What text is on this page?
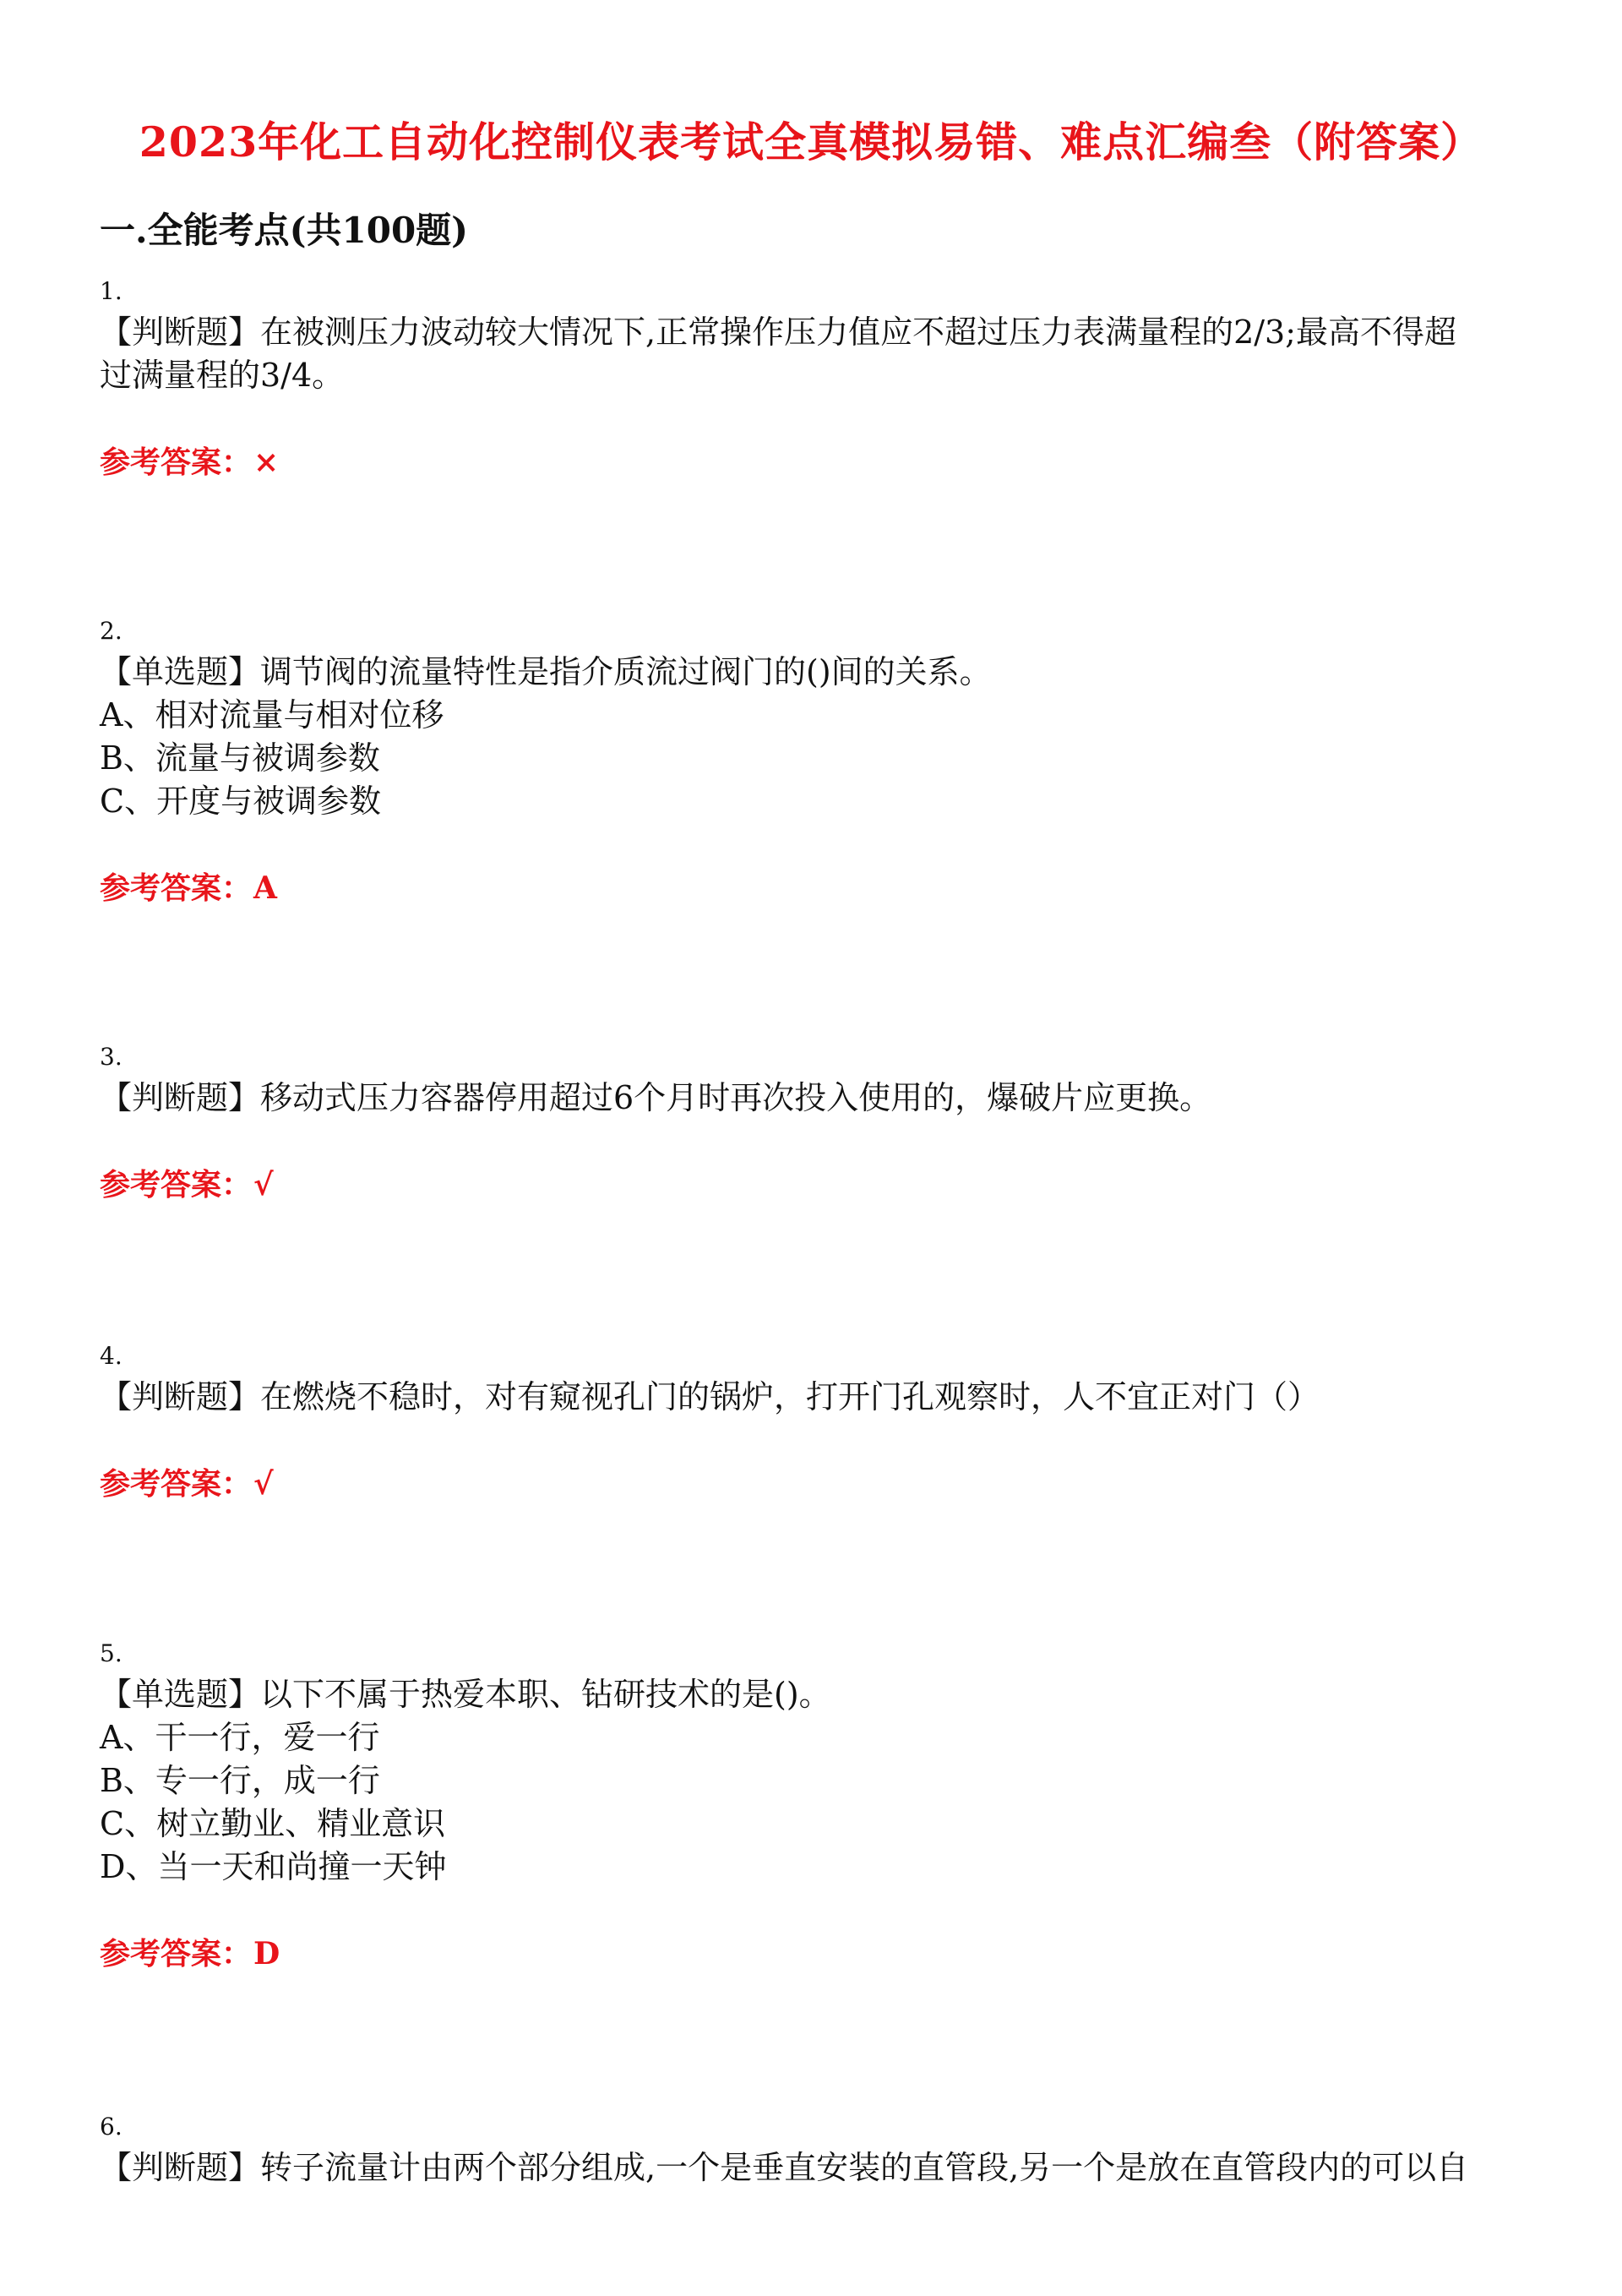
2023年化工自动化控制仪表考试全真模拟易错、难点汇编叁（附答案）
一.全能考点(共100题)
1.
【判断题】在被测压力波动较大情况下,正常操作压力值应不超过压力表满量程的2/3;最高不得超
过满量程的3/4。
参考答案：×
2.
【单选题】调节阀的流量特性是指介质流过阀门的()间的关系。
A、相对流量与相对位移
B、流量与被调参数
C、开度与被调参数
参考答案：A
3.
【判断题】移动式压力容器停用超过6个月时再次投入使用的，爆破片应更换。
参考答案：√
4.
【判断题】在燃烧不稳时，对有窥视孔门的锅炉，打开门孔观察时，人不宜正对门（）
参考答案：√
5.
【单选题】以下不属于热爱本职、钻研技术的是()。
A、干一行，爱一行
B、专一行，成一行
C、树立勤业、精业意识
D、当一天和尚撞一天钟
参考答案：D
6.
【判断题】转子流量计由两个部分组成,一个是垂直安装的直管段,另一个是放在直管段内的可以自
